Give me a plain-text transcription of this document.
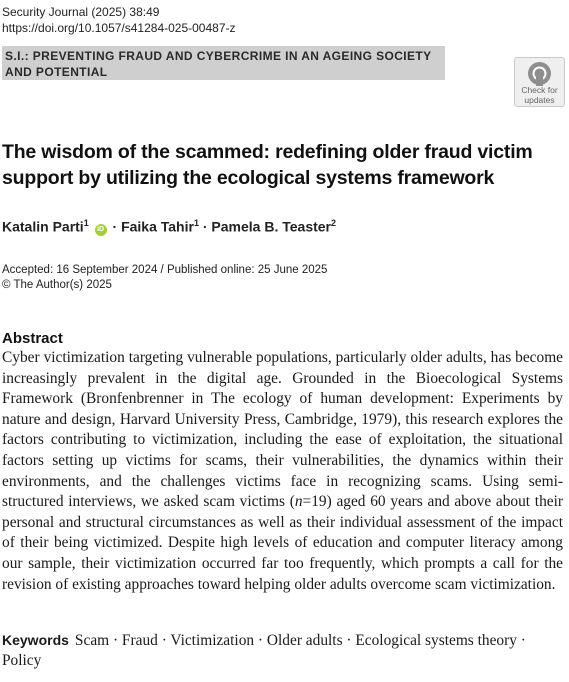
Security Journal (2025) 38:49
https://doi.org/10.1057/s41284-025-00487-z
S.I.: PREVENTING FRAUD AND CYBERCRIME IN AN AGEING SOCIETY AND POTENTIAL
Check for
updates
The wisdom of the scammed: redefining older fraud victim support by utilizing the ecological systems framework
Katalin Parti$^1$ iD · Faika Tahir$^1$ · Pamela B. Teaster$^2$
Accepted: 16 September 2024 / Published online: 25 June 2025
© The Author(s) 2025
Abstract
Cyber victimization targeting vulnerable populations, particularly older adults, has become increasingly prevalent in the digital age. Grounded in the Bioecological Systems Framework (Bronfenbrenner in The ecology of human development: Experiments by nature and design, Harvard University Press, Cambridge, 1979), this research explores the factors contributing to victimization, including the ease of exploitation, the situational factors setting up victims for scams, their vulnerabilities, the dynamics within their environments, and the challenges victims face in recognizing scams. Using semi-structured interviews, we asked scam victims (n=19) aged 60 years and above about their personal and structural circumstances as well as their individual assessment of the impact of their being victimized. Despite high levels of education and computer literacy among our sample, their victimization occurred far too frequently, which prompts a call for the revision of existing approaches toward helping older adults overcome scam victimization.
Keywords Scam · Fraud · Victimization · Older adults · Ecological systems theory · Policy
